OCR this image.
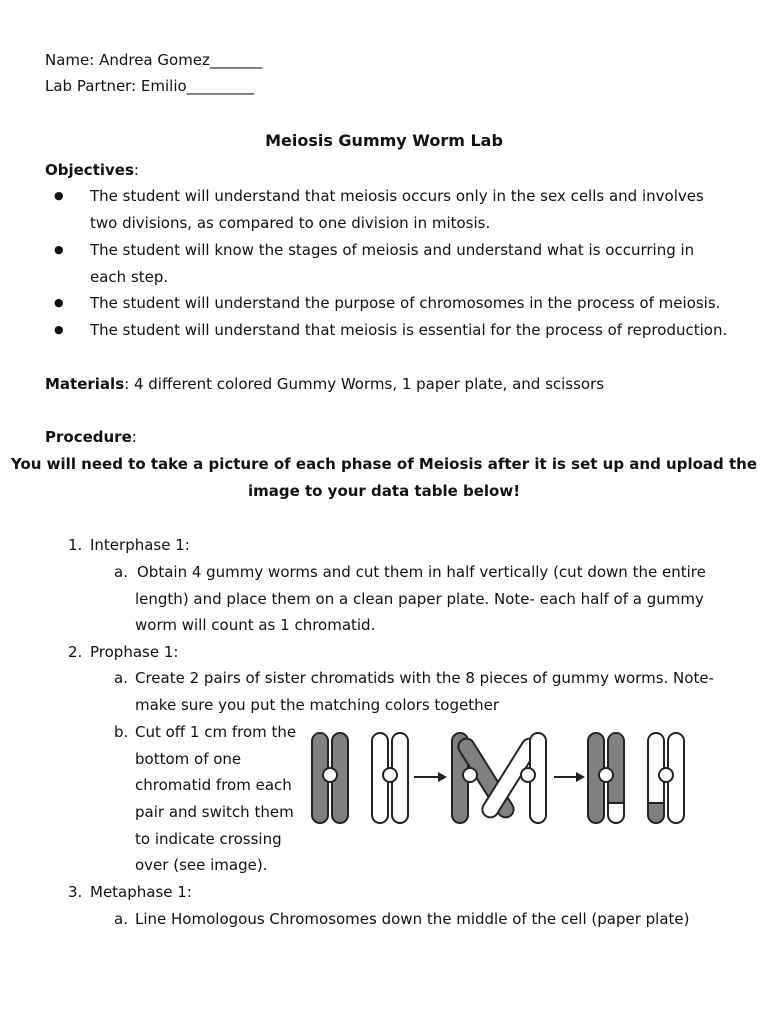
Name: Andrea Gomez_______
Lab Partner: Emilio_________
Meiosis Gummy Worm Lab
Objectives:
● The student will understand that meiosis occurs only in the sex cells and involves
two divisions, as compared to one division in mitosis.
● The student will know the stages of meiosis and understand what is occurring in
each step.
● The student will understand the purpose of chromosomes in the process of meiosis.
● The student will understand that meiosis is essential for the process of reproduction.
Materials: 4 different colored Gummy Worms, 1 paper plate, and scissors
Procedure:
You will need to take a picture of each phase of Meiosis after it is set up and upload the
image to your data table below!
1. Interphase 1:
a. Obtain 4 gummy worms and cut them in half vertically (cut down the entire
length) and place them on a clean paper plate. Note- each half of a gummy
worm will count as 1 chromatid.
2. Prophase 1:
a. Create 2 pairs of sister chromatids with the 8 pieces of gummy worms. Note-
make sure you put the matching colors together
b. Cut off 1 cm from the
bottom of one
chromatid from each
pair and switch them
to indicate crossing
over (see image).
3. Metaphase 1:
a. Line Homologous Chromosomes down the middle of the cell (paper plate)
